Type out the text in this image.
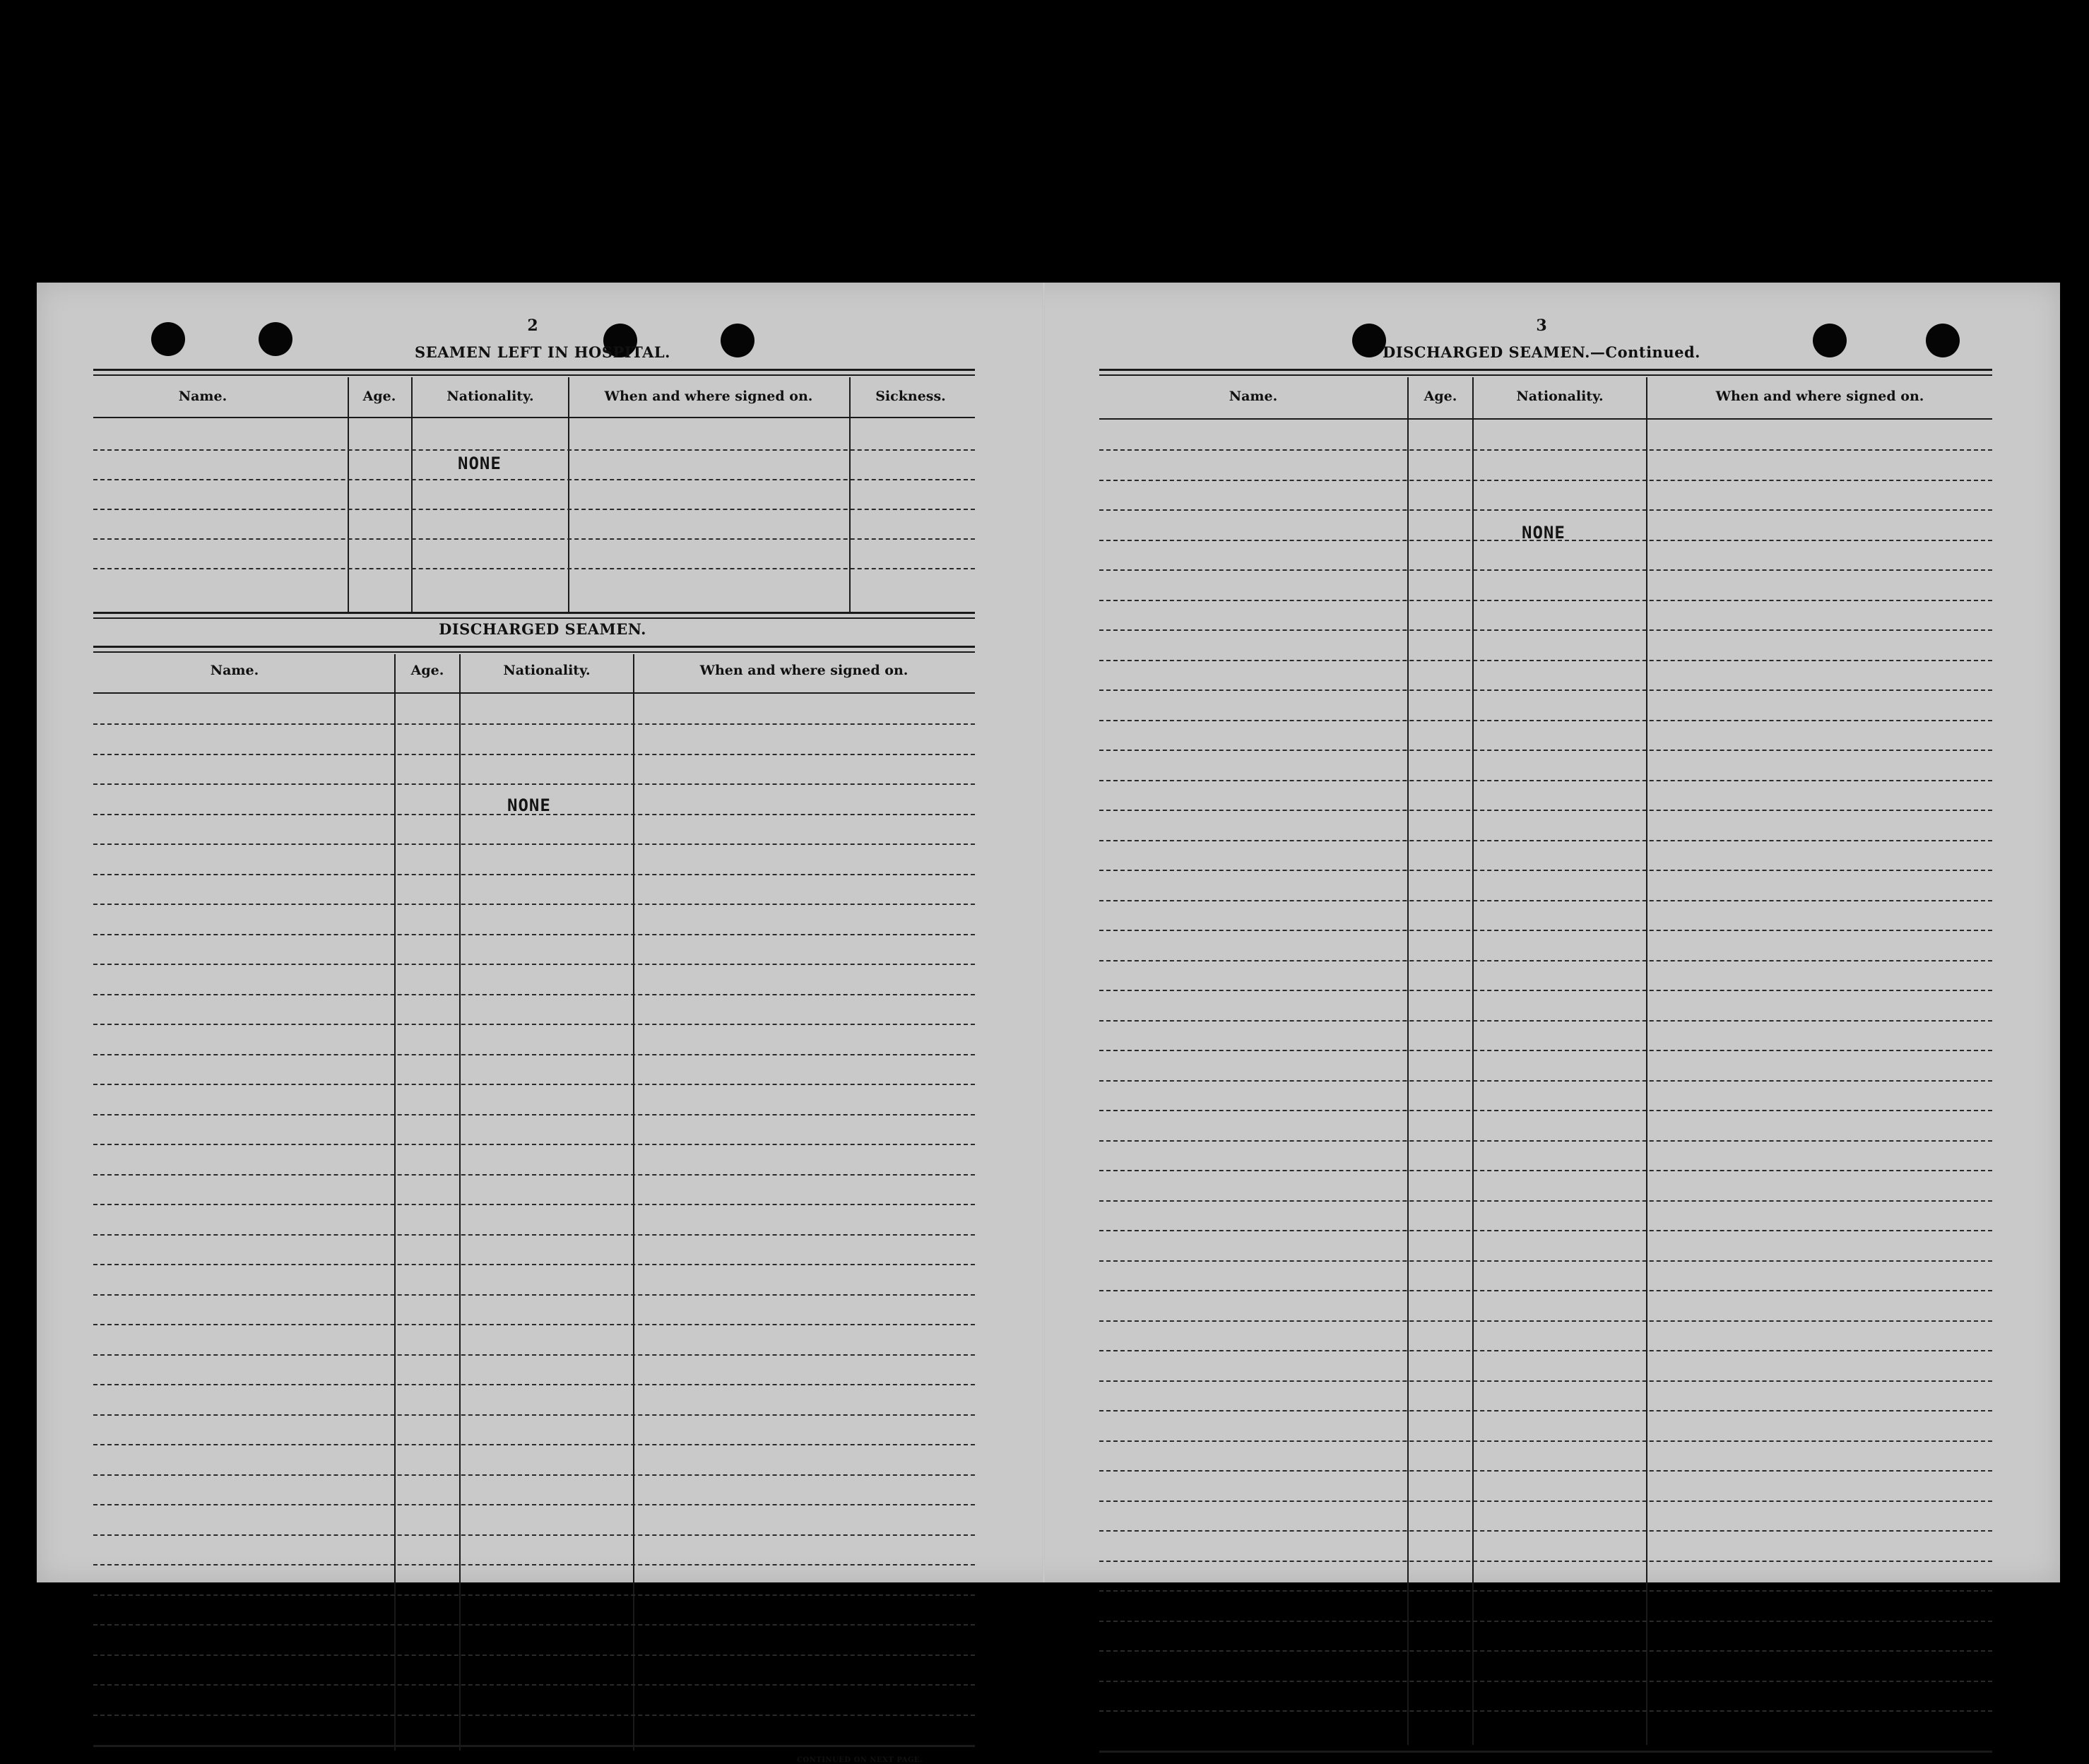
2
SEAMEN LEFT IN HOSPITAL.
Name.	Age.	Nationality.	When and where signed on.	Sickness.
NONE
DISCHARGED SEAMEN.
Name.	Age.	Nationality.	When and where signed on.
NONE
CONTINUED ON NEXT PAGE.
3
DISCHARGED SEAMEN.—Continued.
Name.	Age.	Nationality.	When and where signed on.
NONE
